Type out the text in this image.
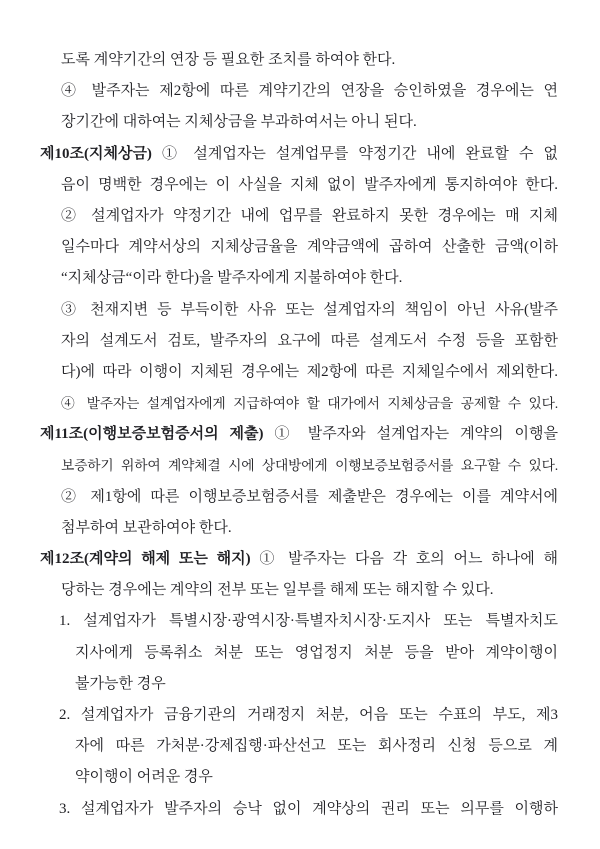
도록 계약기간의 연장 등 필요한 조치를 하여야 한다.
④ 발주자는 제2항에 따른 계약기간의 연장을 승인하였을 경우에는 연
장기간에 대하여는 지체상금을 부과하여서는 아니 된다.
제10조(지체상금) ① 설계업자는 설계업무를 약정기간 내에 완료할 수 없
음이 명백한 경우에는 이 사실을 지체 없이 발주자에게 통지하여야 한다.
② 설계업자가 약정기간 내에 업무를 완료하지 못한 경우에는 매 지체
일수마다 계약서상의 지체상금율을 계약금액에 곱하여 산출한 금액(이하
“지체상금“이라 한다)을 발주자에게 지불하여야 한다.
③ 천재지변 등 부득이한 사유 또는 설계업자의 책임이 아닌 사유(발주
자의 설계도서 검토, 발주자의 요구에 따른 설계도서 수정 등을 포함한
다)에 따라 이행이 지체된 경우에는 제2항에 따른 지체일수에서 제외한다.
④ 발주자는 설계업자에게 지급하여야 할 대가에서 지체상금을 공제할 수 있다.
제11조(이행보증보험증서의 제출) ① 발주자와 설계업자는 계약의 이행을
보증하기 위하여 계약체결 시에 상대방에게 이행보증보험증서를 요구할 수 있다.
② 제1항에 따른 이행보증보험증서를 제출받은 경우에는 이를 계약서에
첨부하여 보관하여야 한다.
제12조(계약의 해제 또는 해지) ① 발주자는 다음 각 호의 어느 하나에 해
당하는 경우에는 계약의 전부 또는 일부를 해제 또는 해지할 수 있다.
1. 설계업자가 특별시장·광역시장·특별자치시장·도지사 또는 특별자치도
지사에게 등록취소 처분 또는 영업정지 처분 등을 받아 계약이행이
불가능한 경우
2. 설계업자가 금융기관의 거래정지 처분, 어음 또는 수표의 부도, 제3
자에 따른 가처분·강제집행·파산선고 또는 회사정리 신청 등으로 계
약이행이 어려운 경우
3. 설계업자가 발주자의 승낙 없이 계약상의 권리 또는 의무를 이행하
